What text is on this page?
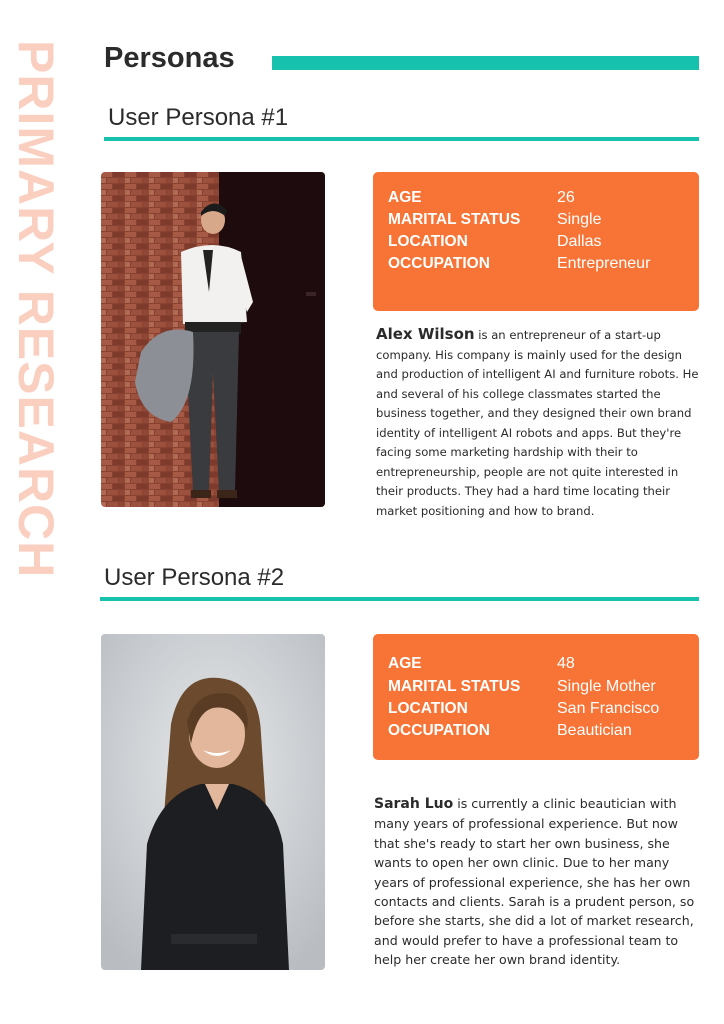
PRIMARY RESEARCH Personas
User Persona #1
AGE	26
MARITAL STATUS Single
LOCATION	Dallas
OCCUPATION	Entrepreneur
Alex Wilson is an entrepreneur of a start-up company. His company is mainly used for the design and production of intelligent AI and furniture robots. He and several of his college classmates started the business together, and they designed their own brand identity of intelligent AI robots and apps. But they're facing some marketing hardship with their to entrepreneurship, people are not quite interested in their products. They had a hard time locating their market positioning and how to brand.
User Persona #2
AGE	48
MARITAL STATUS Single Mother
LOCATION	San Francisco
OCCUPATION	Beautician
Sarah Luo is currently a clinic beautician with many years of professional experience. But now that she's ready to start her own business, she wants to open her own clinic. Due to her many years of professional experience, she has her own contacts and clients. Sarah is a prudent person, so before she starts, she did a lot of market research, and would prefer to have a professional team to help her create her own brand identity.
